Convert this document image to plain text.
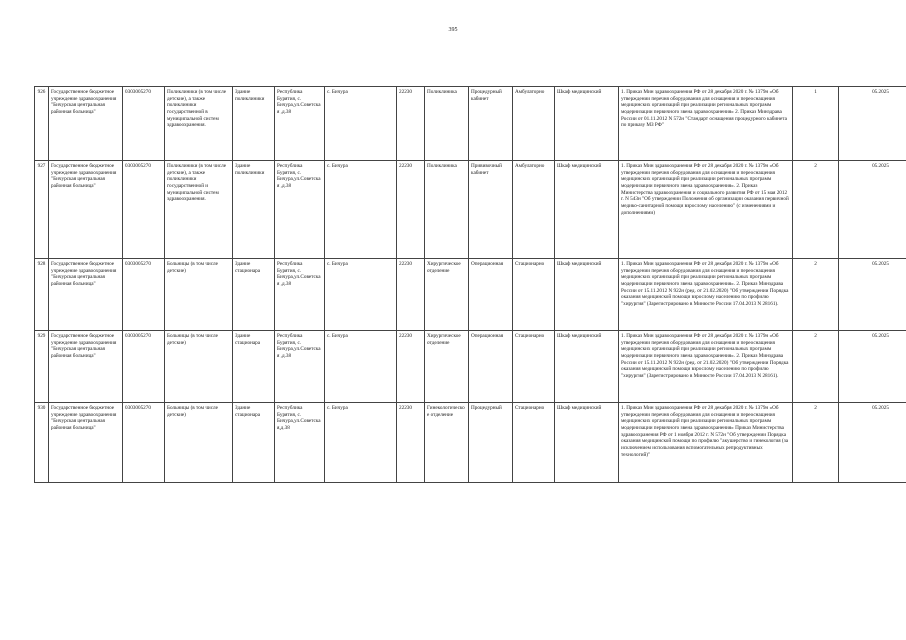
395
926	Государственное бюджетное учреждение здравоохранения "Бичурская центральная районная больница"	0303005270	Поликлиники (в том числе детские), а также поликлиники государственной в муниципальной систем здравоохранения.	Здание поликлиники	Республика Бурятия, с. Бичура,ул.Советская ,д.38	с. Бичура	22230	Поликлиника	Процедурный кабинет	Амбулаторно	Шкаф медицинский	1. Приказ Мин здравоохранения РФ от 28 декабря 2020 г. № 1379н «Об утверждении перечня оборудования для оснащения и переоснащения медицинских организаций при реализации региональных программ модернизации первичного звена здравоохранения» 2. Приказ Минздрава России от 01.11.2012 N 572н "Стандарт оснащения процедурного кабинета по приказу МЗ РФ"	1	05.2025
927	Государственное бюджетное учреждение здравоохранения "Бичурская центральная районная больница"	0303005270	Поликлиники (в том числе детские), а также поликлиники государственной и муниципальной систем здравоохранения.	Здание поликлиники	Республика Бурятия, с. Бичура,ул.Советская ,д.38	с. Бичура	22230	Поликлиника	Прививочный кабинет	Амбулаторно	Шкаф медицинский	1. Приказ Мин здравоохранения РФ от 28 декабря 2020 г. № 1379н «Об утверждении перечня оборудования для оснащения и переоснащения медицинских организаций при реализации региональных программ модернизации первичного звена здравоохранения». 2. Приказ Министерства здравоохранения и социального развития РФ от 15 мая 2012 г. N 543н "Об утверждении Положения об организации оказания первичной медико-санитарной помощи взрослому населению" (с изменениями и дополнениями)	2	05.2025
928	Государственное бюджетное учреждение здравоохранения "Бичурская центральная районная больница"	0303005270	Больницы (в том числе детские)	Здание стационара	Республика Бурятия, с. Бичура,ул.Советская ,д.38	с. Бичура	22230	Хирургическое отделение	Операционная	Стационарно	Шкаф медицинский	1. Приказ Мин здравоохранения РФ от 28 декабря 2020 г. № 1379н «Об утверждении перечня оборудования для оснащения и переоснащения медицинских организаций при реализации региональных программ модернизации первичного звена здравоохранения». 2. Приказ Минздрава России от 15.11.2012 N 922н (ред. от 21.02.2020) "Об утверждении Порядка оказания медицинской помощи взрослому населению по профилю "хирургия" (Зарегистрировано в Минюсте России 17.04.2013 N 28161).	2	05.2025
929	Государственное бюджетное учреждение здравоохранения "Бичурская центральная районная больница"	0303005270	Больницы (в том числе детские)	Здание стационара	Республика Бурятия, с. Бичура,ул.Советская ,д.38	с. Бичура	22230	Хирургическое отделение	Операционная	Стационарно	Шкаф медицинский	1. Приказ Мин здравоохранения РФ от 28 декабря 2020 г. № 1379н «Об утверждении перечня оборудования для оснащения и переоснащения медицинских организаций при реализации региональных программ модернизации первичного звена здравоохранения». 2. Приказ Минздрава России от 15.11.2012 N 922н (ред. от 21.02.2020) "Об утверждении Порядка оказания медицинской помощи взрослому населению по профилю "хирургия" (Зарегистрировано в Минюсте России 17.04.2013 N 28161).	2	05.2025
930	Государственное бюджетное учреждение здравоохранения "Бичурская центральная районная больница"	0303005270	Больницы (в том числе детские)	Здание стационара	Республика Бурятия, с. Бичура,ул.Советская,д.38	с. Бичура	22230	Гинекологическое отделение	Процедурный	Стационарно	Шкаф медицинский	1. Приказ Мин здравоохранения РФ от 28 декабря 2020 г. № 1379н «Об утверждении перечня оборудования для оснащения и переоснащения медицинских организаций при реализации региональных программ модернизации первичного звена здравоохранения» Приказ Министерства здравоохранения РФ от 1 ноября 2012 г. N 572н "Об утверждении Порядка оказания медицинской помощи по профилю "акушерство и гинекология (за исключением использования вспомогательных репродуктивных технологий)"	2	05.2025
